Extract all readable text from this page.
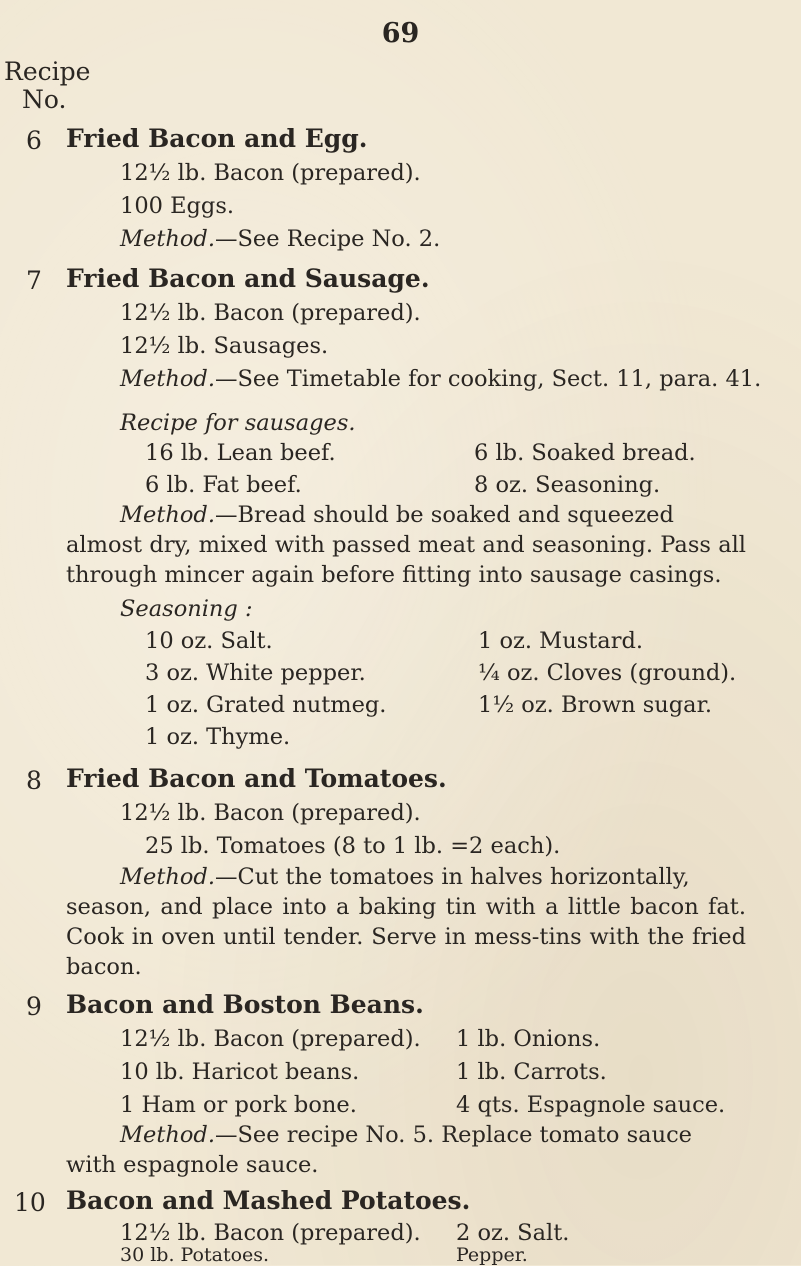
69
Recipe
No.
6 Fried Bacon and Egg.
12½ lb. Bacon (prepared).
100 Eggs.
Method.—See Recipe No. 2.
7 Fried Bacon and Sausage.
12½ lb. Bacon (prepared).
12½ lb. Sausages.
Method.—See Timetable for cooking, Sect. 11, para. 41.
Recipe for sausages.
16 lb. Lean beef.
6 lb. Fat beef.
6 lb. Soaked bread.
8 oz. Seasoning.
Method.—Bread should be soaked and squeezed
almost dry, mixed with passed meat and seasoning. Pass all through mincer again before fitting into sausage casings.
Seasoning :
10 oz. Salt.
3 oz. White pepper.
1 oz. Grated nutmeg.
1 oz. Thyme.
1 oz. Mustard.
¼ oz. Cloves (ground).
1½ oz. Brown sugar.
8 Fried Bacon and Tomatoes.
12½ lb. Bacon (prepared).
25 lb. Tomatoes (8 to 1 lb. =2 each).
Method.—Cut the tomatoes in halves horizontally,
season, and place into a baking tin with a little bacon fat. Cook in oven until tender. Serve in mess-tins with the fried bacon.
9 Bacon and Boston Beans.
12½ lb. Bacon (prepared).
10 lb. Haricot beans.
1 Ham or pork bone.
1 lb. Onions.
1 lb. Carrots.
4 qts. Espagnole sauce.
Method.—See recipe No. 5. Replace tomato sauce
with espagnole sauce.
10 Bacon and Mashed Potatoes.
12½ lb. Bacon (prepared). 2 oz. Salt.
30 lb. Potatoes.	Pepper.
